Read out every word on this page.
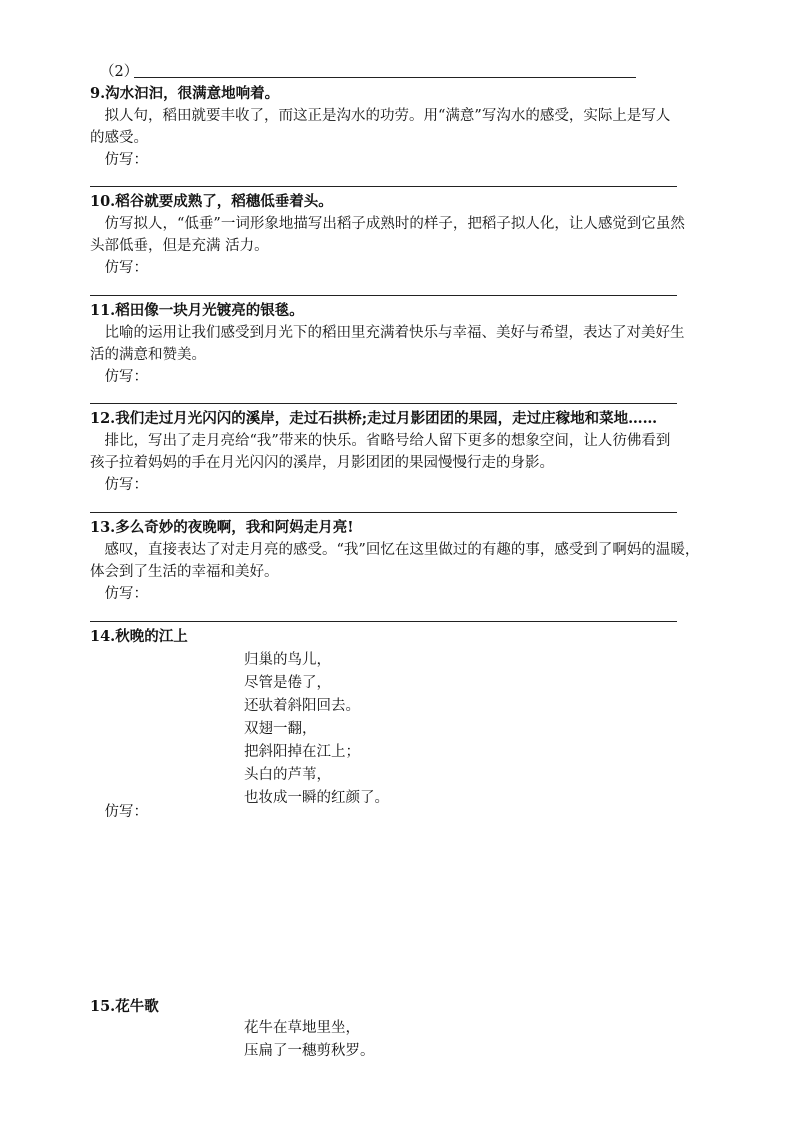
（2）
9.沟水汩汩，很满意地响着。
 拟人句，稻田就要丰收了，而这正是沟水的功劳。用“满意”写沟水的感受，实际上是写人
的感受。
 仿写：
10.稻谷就要成熟了，稻穗低垂着头。
 仿写拟人，“低垂”一词形象地描写出稻子成熟时的样子，把稻子拟人化，让人感觉到它虽然
头部低垂，但是充满 活力。
 仿写：
11.稻田像一块月光镀亮的银毯。
 比喻的运用让我们感受到月光下的稻田里充满着快乐与幸福、美好与希望，表达了对美好生
活的满意和赞美。
 仿写：
12.我们走过月光闪闪的溪岸，走过石拱桥;走过月影团团的果园，走过庄稼地和菜地……
 排比，写出了走月亮给“我”带来的快乐。省略号给人留下更多的想象空间，让人彷佛看到
孩子拉着妈妈的手在月光闪闪的溪岸，月影团团的果园慢慢行走的身影。
 仿写：
13.多么奇妙的夜晚啊，我和阿妈走月亮!
 感叹，直接表达了对走月亮的感受。“我”回忆在这里做过的有趣的事，感受到了啊妈的温暖，
体会到了生活的幸福和美好。
 仿写：
14.秋晚的江上
归巢的鸟儿，
尽管是倦了，
还驮着斜阳回去。
双翅一翻，
把斜阳掉在江上；
头白的芦苇，
也妆成一瞬的红颜了。
 仿写：
15.花牛歌
花牛在草地里坐，
压扁了一穗剪秋罗。
